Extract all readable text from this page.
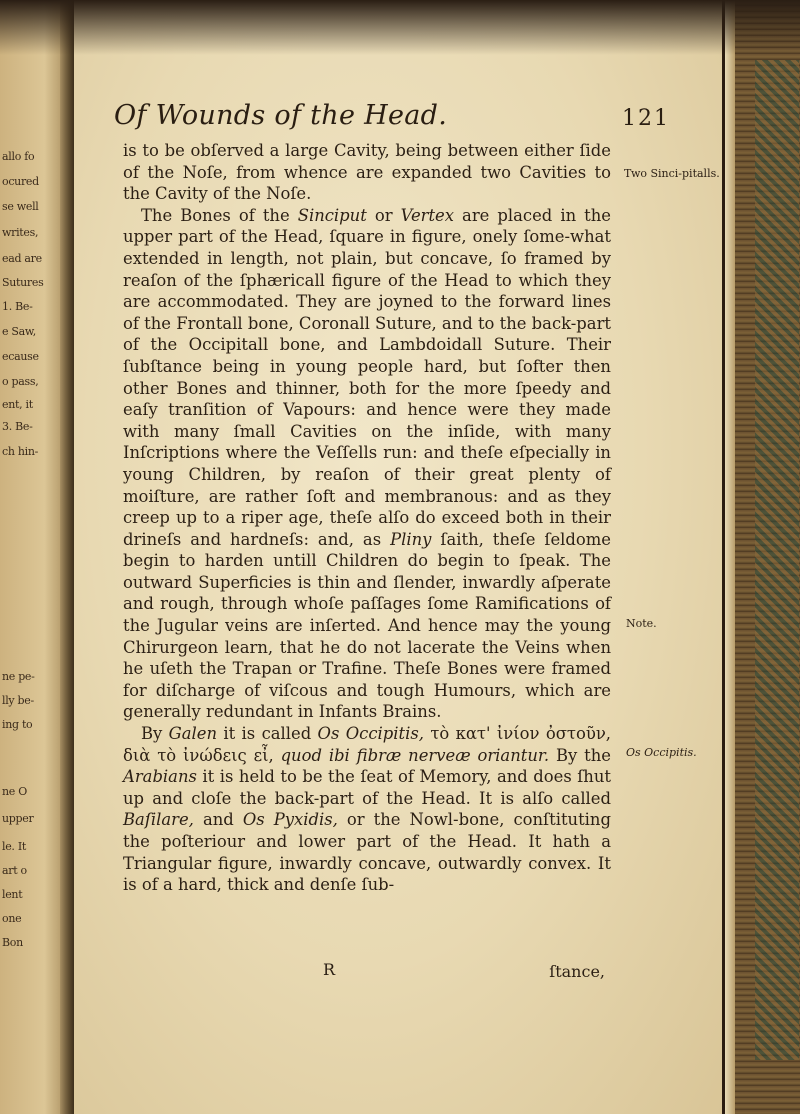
allo fo
ocured
se well
writes,
ead are
Sutures
1. Be-
e Saw,
ecause
o pass,
ent, it
3. Be-
ch hin-
ne pe-
lly be-
ing to
ne O
upper
le. It
art o
lent
one
Bon
Of Wounds of the Head.	121

is to be obſerved a large Cavity, being between either ſide of the Noſe, from whence are expanded two Cavities to the Cavity of the Noſe.

The Bones of the Sinciput or Vertex are placed in the upper part of the Head, ſquare in figure, onely ſome-what extended in length, not plain, but concave, ſo framed by reaſon of the ſphæricall figure of the Head to which they are accommodated. They are joyned to the forward lines of the Frontall bone, Coronall Suture, and to the back-part of the Occipitall bone, and Lambdoidall Suture. Their ſubſtance being in young people hard, but ſofter then other Bones and thinner, both for the more ſpeedy and eaſy tranſition of Vapours: and hence were they made with many ſmall Cavities on the inſide, with many Inſcriptions where the Veſſells run: and theſe eſpecially in young Children, by reaſon of their great plenty of moiſture, are rather ſoft and membranous: and as they creep up to a riper age, theſe alſo do exceed both in their drineſs and hardneſs: and, as Pliny ſaith, theſe ſeldome begin to harden untill Children do begin to ſpeak. The outward Superficies is thin and ſlender, inwardly aſperate and rough, through whoſe paſſages ſome Ramifications of the Jugular veins are inſerted. And hence may the young Chirurgeon learn, that he do not lacerate the Veins when he uſeth the Trapan or Trafine. Theſe Bones were framed for diſcharge of viſcous and tough Humours, which are generally redundant in Infants Brains.

By Galen it is called Os Occipitis, τὸ κατ' ἰνίον ὀστοῦν, διὰ τὸ ἰνώδεις εἶ, quod ibi fibræ nerveæ oriantur. By the Arabians it is held to be the ſeat of Memory, and does ſhut up and cloſe the back-part of the Head. It is alſo called Baſilare, and Os Pyxidis, or the Nowl-bone, conſtituting the poſteriour and lower part of the Head. It hath a Triangular figure, inwardly concave, outwardly convex. It is of a hard, thick and denſe ſub-

R	ſtance,
Two Sinci-pitalls.
Note.
Os Occipitis.
